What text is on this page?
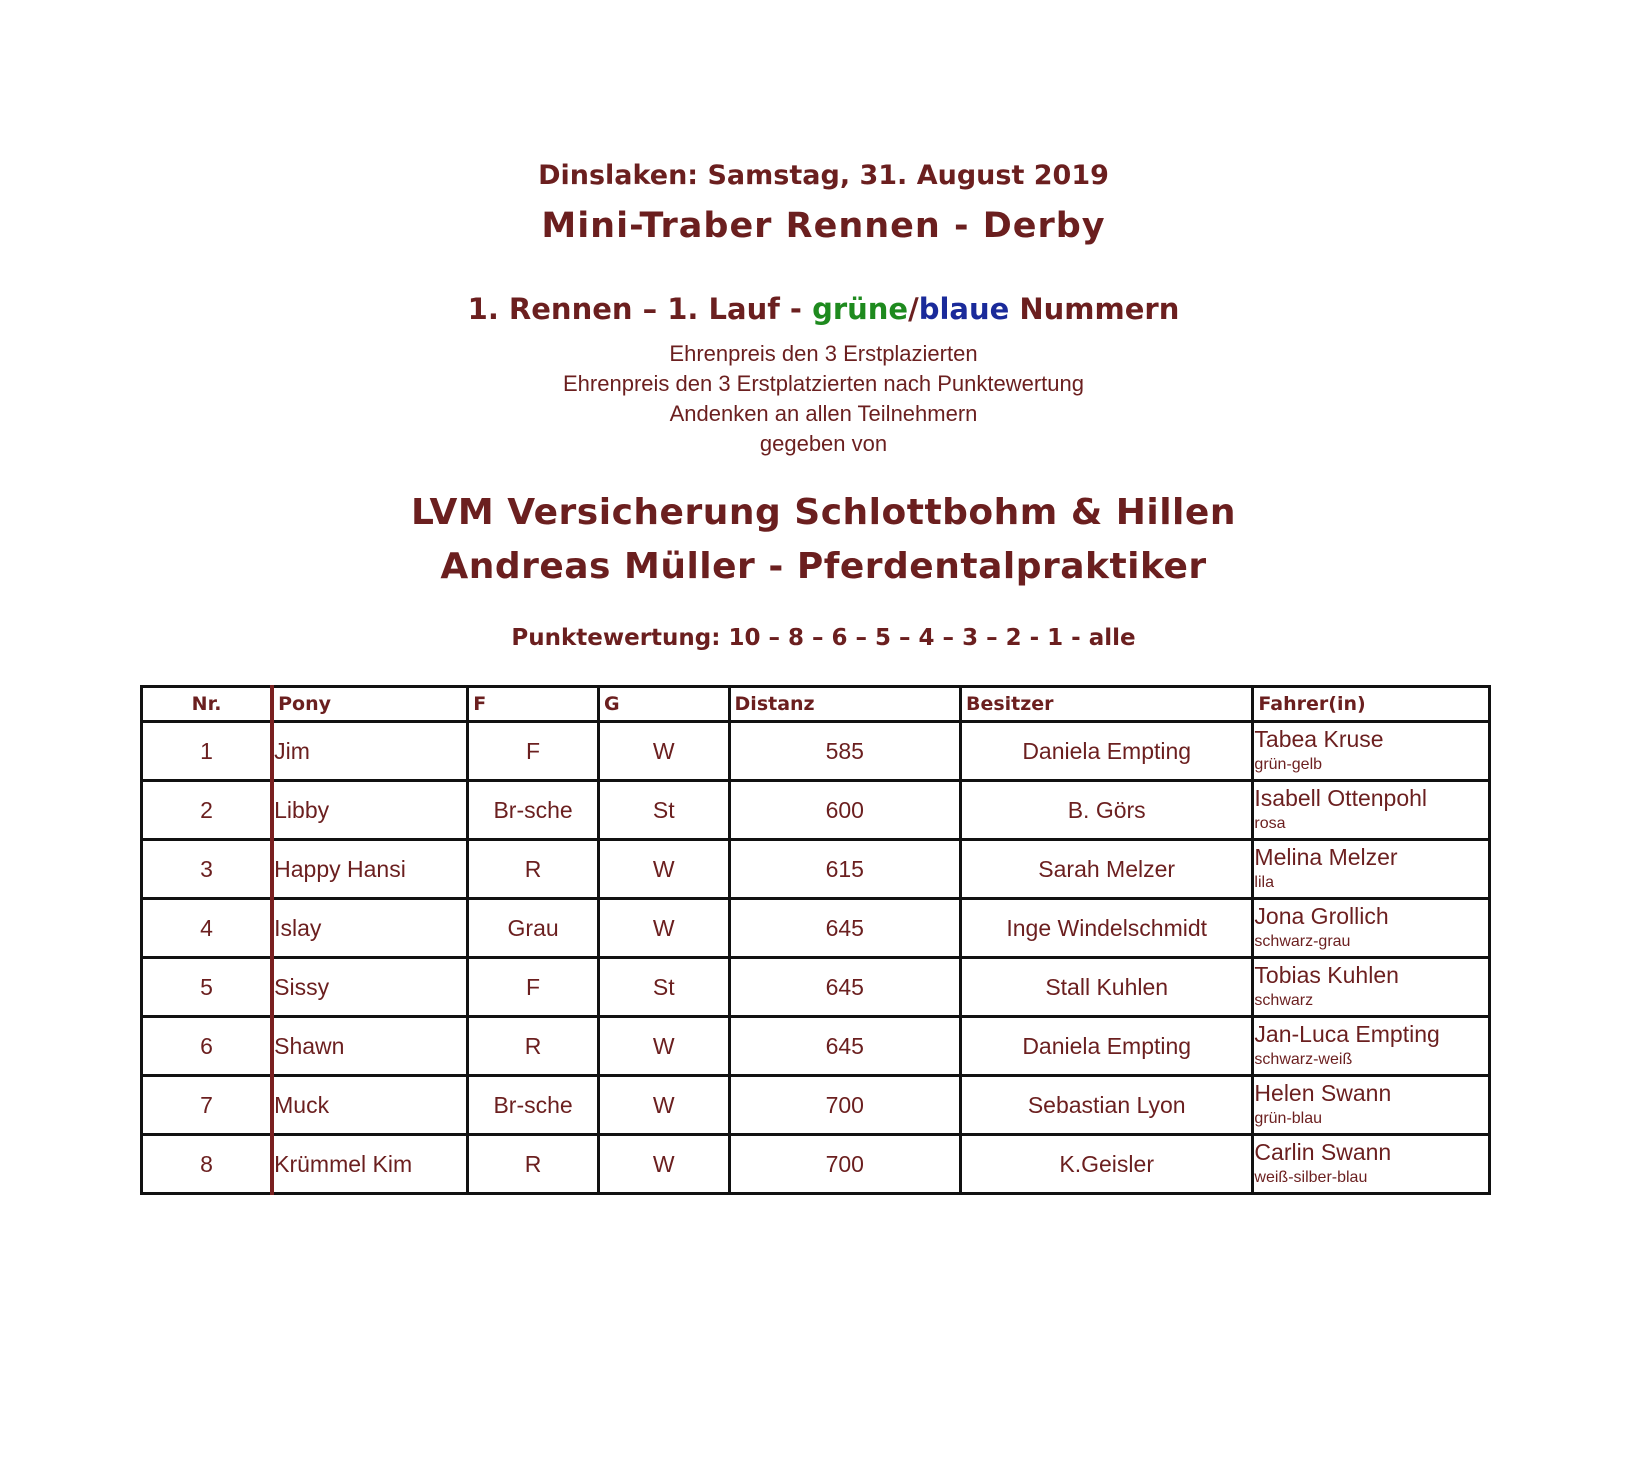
Dinslaken: Samstag, 31. August 2019
Mini-Traber Rennen - Derby
1. Rennen – 1. Lauf - grüne/blaue Nummern
Ehrenpreis den 3 Erstplazierten
Ehrenpreis den 3 Erstplatzierten nach Punktewertung
Andenken an allen Teilnehmern
gegeben von
LVM Versicherung Schlottbohm & Hillen
Andreas Müller - Pferdentalpraktiker
Punktewertung: 10 – 8 – 6 – 5 – 4 – 3 – 2 - 1 - alle
Nr.	Pony	F	G	Distanz	Besitzer	Fahrer(in)
1	Jim	F	W	585	Daniela Empting	Tabea Kruse
grün-gelb

2	Libby	Br-sche	St	600	B. Görs	Isabell Ottenpohl
rosa

3	Happy Hansi	R	W	615	Sarah Melzer	Melina Melzer
lila

4	Islay	Grau	W	645	Inge Windelschmidt	Jona Grollich
schwarz-grau

5	Sissy	F	St	645	Stall Kuhlen	Tobias Kuhlen
schwarz

6	Shawn	R	W	645	Daniela Empting	Jan-Luca Empting
schwarz-weiß

7	Muck	Br-sche	W	700	Sebastian Lyon	Helen Swann
grün-blau

8	Krümmel Kim	R	W	700	K.Geisler	Carlin Swann
weiß-silber-blau
